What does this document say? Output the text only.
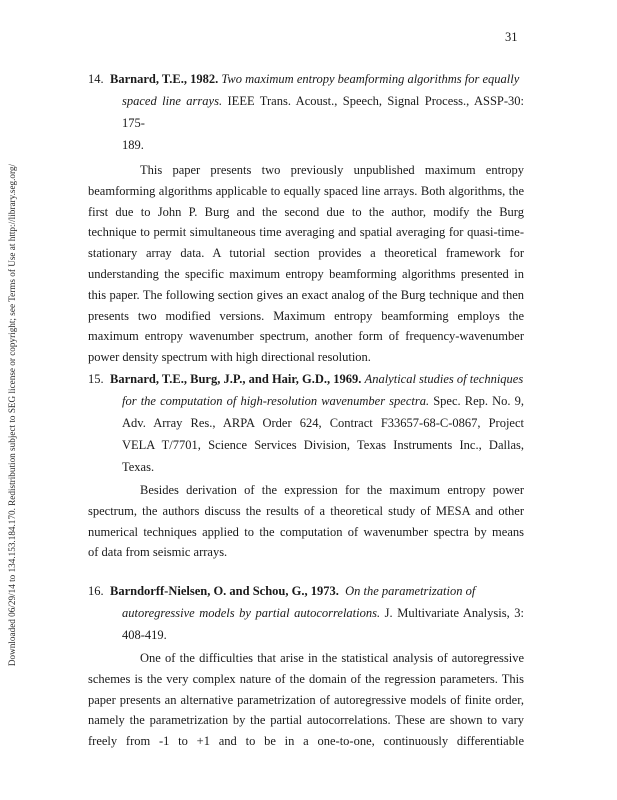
Downloaded 06/29/14 to 134.153.184.170. Redistribution subject to SEG license or copyright; see Terms of Use at http://library.seg.org/
31
14. Barnard, T.E., 1982. Two maximum entropy beamforming algorithms for equally
spaced line arrays. IEEE Trans. Acoust., Speech, Signal Process., ASSP-30: 175-
189.
This paper presents two previously unpublished maximum entropy
beamforming algorithms applicable to equally spaced line arrays. Both algorithms, the
first due to John P. Burg and the second due to the author, modify the Burg
technique to permit simultaneous time averaging and spatial averaging for quasi-time-
stationary array data. A tutorial section provides a theoretical framework for
understanding the specific maximum entropy beamforming algorithms presented in
this paper. The following section gives an exact analog of the Burg technique and then
presents two modified versions. Maximum entropy beamforming employs the
maximum entropy wavenumber spectrum, another form of frequency-wavenumber
power density spectrum with high directional resolution.
15. Barnard, T.E., Burg, J.P., and Hair, G.D., 1969. Analytical studies of techniques
for the computation of high-resolution wavenumber spectra. Spec. Rep. No. 9,
Adv. Array Res., ARPA Order 624, Contract F33657-68-C-0867, Project
VELA T/7701, Science Services Division, Texas Instruments Inc., Dallas,
Texas.
Besides derivation of the expression for the maximum entropy power
spectrum, the authors discuss the results of a theoretical study of MESA and other
numerical techniques applied to the computation of wavenumber spectra by means
of data from seismic arrays.
16. Barndorff-Nielsen, O. and Schou, G., 1973. On the parametrization of
autoregressive models by partial autocorrelations. J. Multivariate Analysis, 3:
408-419.
One of the difficulties that arise in the statistical analysis of autoregressive
schemes is the very complex nature of the domain of the regression parameters. This
paper presents an alternative parametrization of autoregressive models of finite order,
namely the parametrization by the partial autocorrelations. These are shown to vary
freely from -1 to +1 and to be in a one-to-one, continuously differentiable
